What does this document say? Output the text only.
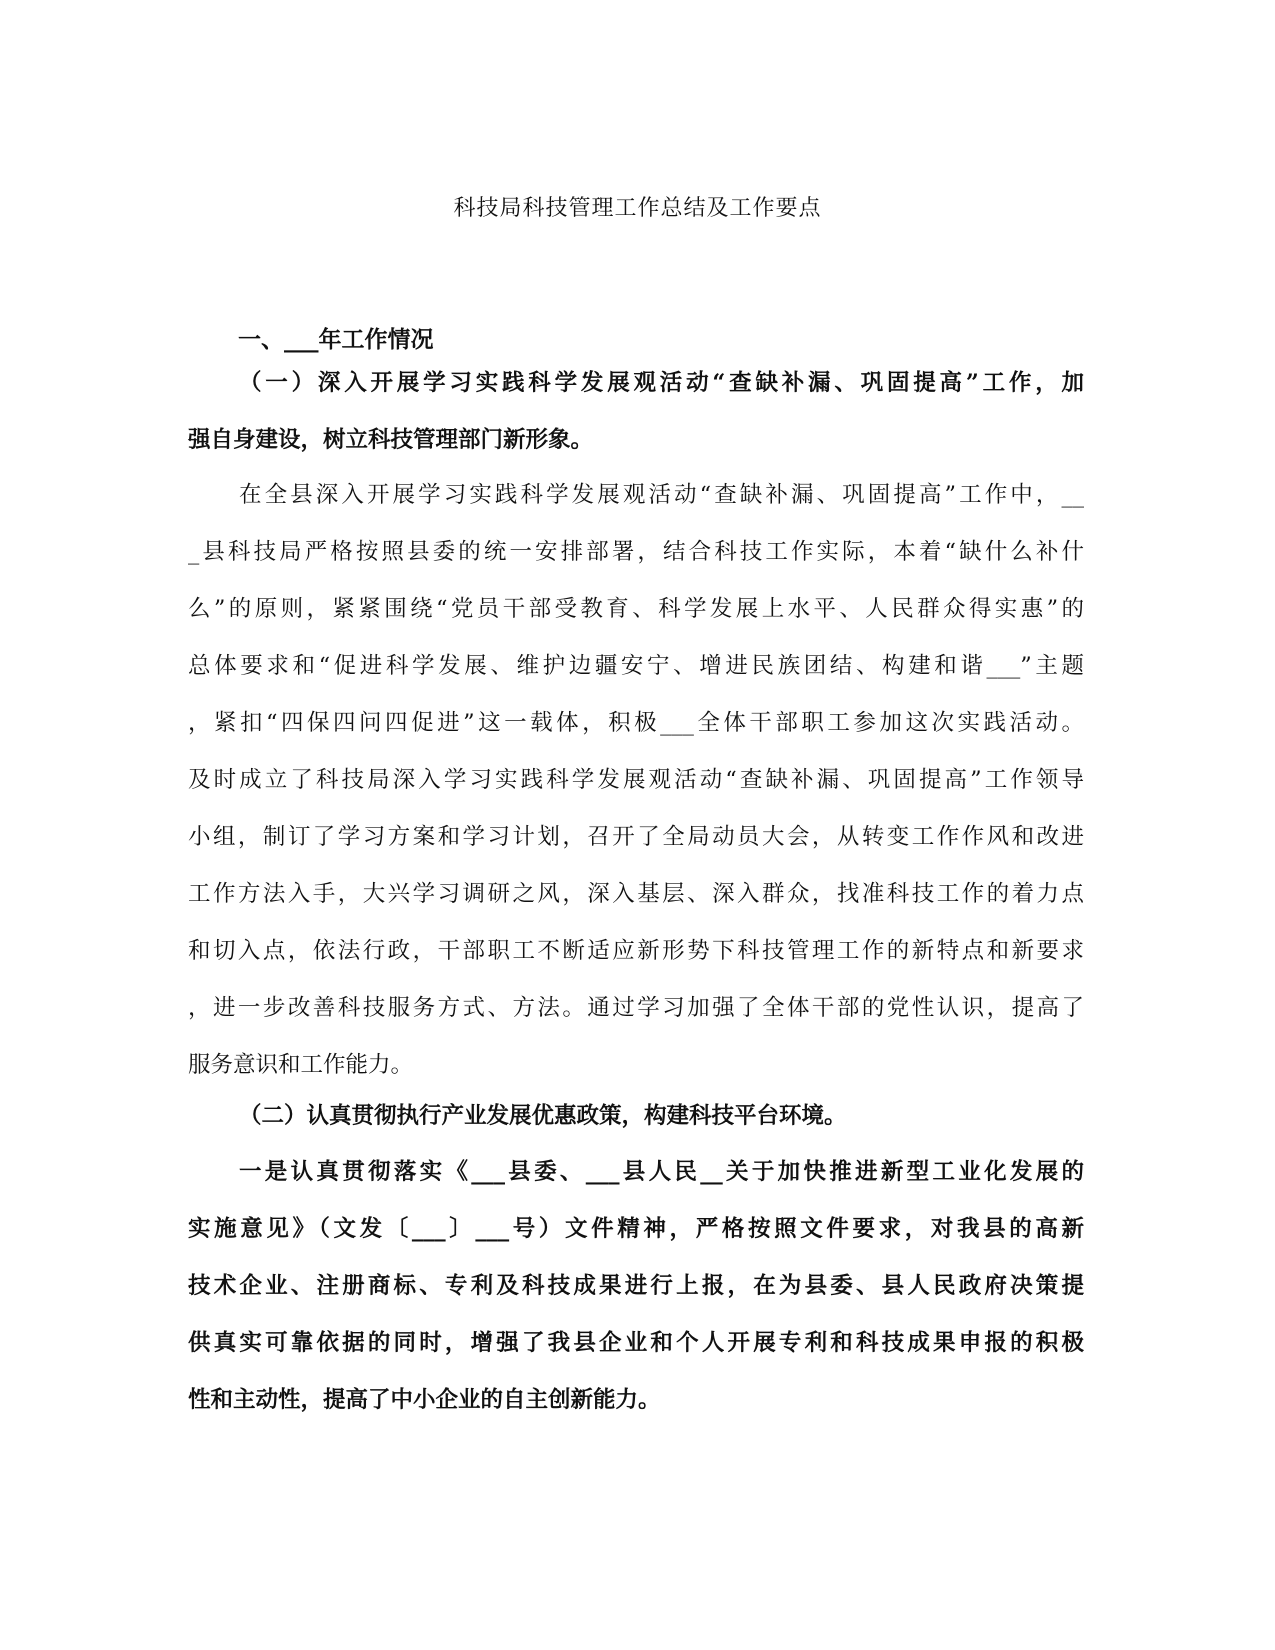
科技局科技管理工作总结及工作要点
一、___年工作情况
（一）深入开展学习实践科学发展观活动“查缺补漏、巩固提高”工作，加
强自身建设，树立科技管理部门新形象。
在全县深入开展学习实践科学发展观活动“查缺补漏、巩固提高”工作中，__
_县科技局严格按照县委的统一安排部署，结合科技工作实际，本着“缺什么补什
么”的原则，紧紧围绕“党员干部受教育、科学发展上水平、人民群众得实惠”的
总体要求和“促进科学发展、维护边疆安宁、增进民族团结、构建和谐___”主题
，紧扣“四保四问四促进”这一载体，积极___全体干部职工参加这次实践活动。
及时成立了科技局深入学习实践科学发展观活动“查缺补漏、巩固提高”工作领导
小组，制订了学习方案和学习计划，召开了全局动员大会，从转变工作作风和改进
工作方法入手，大兴学习调研之风，深入基层、深入群众，找准科技工作的着力点
和切入点，依法行政，干部职工不断适应新形势下科技管理工作的新特点和新要求
，进一步改善科技服务方式、方法。通过学习加强了全体干部的党性认识，提高了
服务意识和工作能力。
（二）认真贯彻执行产业发展优惠政策，构建科技平台环境。
一是认真贯彻落实《___县委、___县人民__关于加快推进新型工业化发展的
实施意见》（文发〔___〕___号）文件精神，严格按照文件要求，对我县的高新
技术企业、注册商标、专利及科技成果进行上报，在为县委、县人民政府决策提
供真实可靠依据的同时，增强了我县企业和个人开展专利和科技成果申报的积极
性和主动性，提高了中小企业的自主创新能力。
